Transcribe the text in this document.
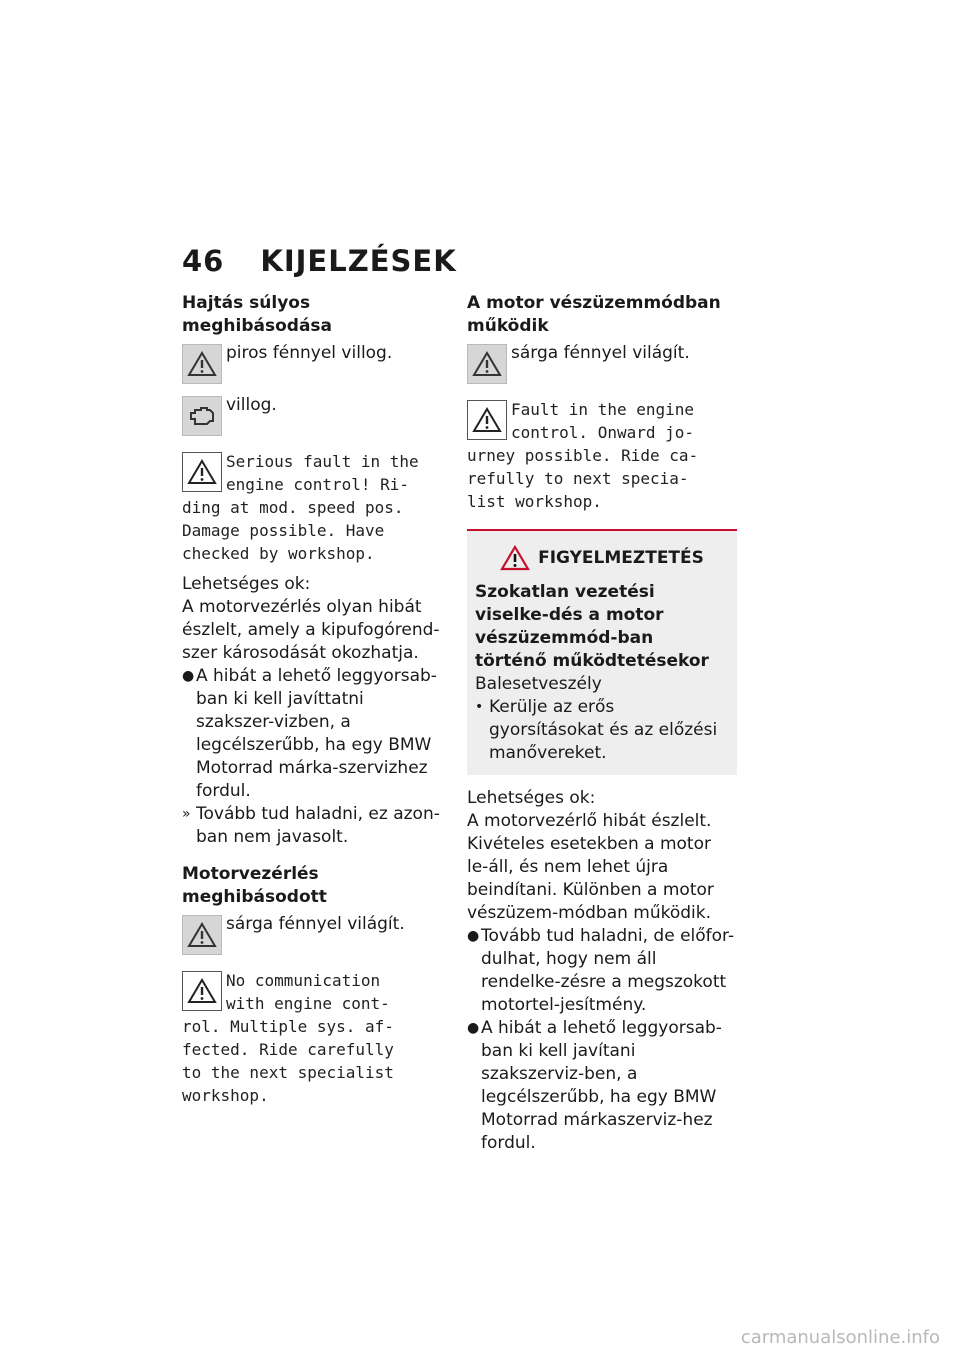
46 KIJELZÉSEK
Hajtás súlyos meghibásodása
piros fénnyel villog.
villog.
Serious fault in the
engine control! Ri-
ding at mod. speed pos.
Damage possible. Have
checked by workshop.
Lehetséges ok:
A motorvezérlés olyan hibát észlelt, amely a kipufogórend-szer károsodását okozhatja.
● A hibát a lehető leggyorsab-ban ki kell javíttatni szakszer-vizben, a legcélszerűbb, ha egy BMW Motorrad márka-szervizhez fordul.
» Tovább tud haladni, ez azon-ban nem javasolt.
Motorvezérlés meghibásodott
sárga fénnyel világít.
No communication
with engine cont-
rol. Multiple sys. af-
fected. Ride carefully
to the next specialist
workshop.
A motor vészüzemmódban működik
sárga fénnyel világít.
Fault in the engine
control. Onward jo-
urney possible. Ride ca-
refully to next specia-
list workshop.
FIGYELMEZTETÉS
Szokatlan vezetési viselke-dés a motor vészüzemmód-ban történő működtetésekor
Balesetveszély
• Kerülje az erős gyorsításokat és az előzési manővereket.
Lehetséges ok:
A motorvezérlő hibát észlelt. Kivételes esetekben a motor le-áll, és nem lehet újra beindítani. Különben a motor vészüzem-módban működik.
● Tovább tud haladni, de előfor-dulhat, hogy nem áll rendelke-zésre a megszokott motortel-jesítmény.
● A hibát a lehető leggyorsab-ban ki kell javítani szakszerviz-ben, a legcélszerűbb, ha egy BMW Motorrad márkaszerviz-hez fordul.
carmanualsonline.info
